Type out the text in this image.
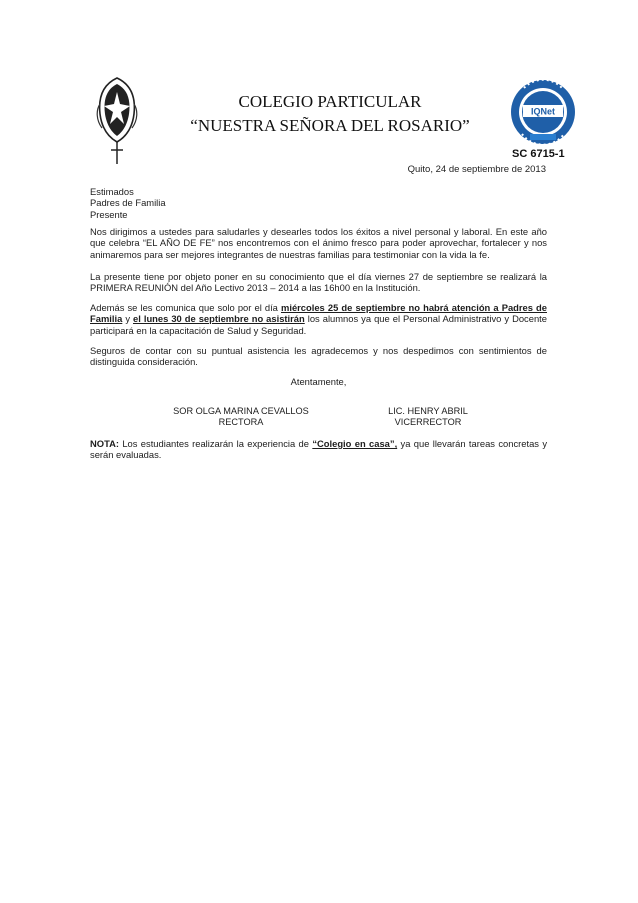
COLEGIO PARTICULAR
“NUESTRA SEÑORA DEL ROSARIO”
IQNet
SC 6715-1
Quito, 24 de septiembre de 2013
Estimados
Padres de Familia
Presente
Nos dirigimos a ustedes para saludarles y desearles todos los éxitos a nivel personal y laboral. En este año que celebra “EL AÑO DE FE” nos encontremos con el ánimo fresco para poder aprovechar, fortalecer y nos animaremos para ser mejores integrantes de nuestras familias para testimoniar con la vida la fe.
La presente tiene por objeto poner en su conocimiento que el día viernes 27 de septiembre se realizará la PRIMERA REUNIÓN del Año Lectivo 2013 – 2014 a las 16h00 en la Institución.
Además se les comunica que solo por el día miércoles 25 de septiembre no habrá atención a Padres de Familia y el lunes 30 de septiembre no asistirán los alumnos ya que el Personal Administrativo y Docente participará en la capacitación de Salud y Seguridad.
Seguros de contar con su puntual asistencia les agradecemos y nos despedimos con sentimientos de distinguida consideración.
Atentamente,
SOR OLGA MARINA CEVALLOS
RECTORA
LIC. HENRY ABRIL
VICERRECTOR
NOTA: Los estudiantes realizarán la experiencia de “Colegio en casa”, ya que llevarán tareas concretas y serán evaluadas.
